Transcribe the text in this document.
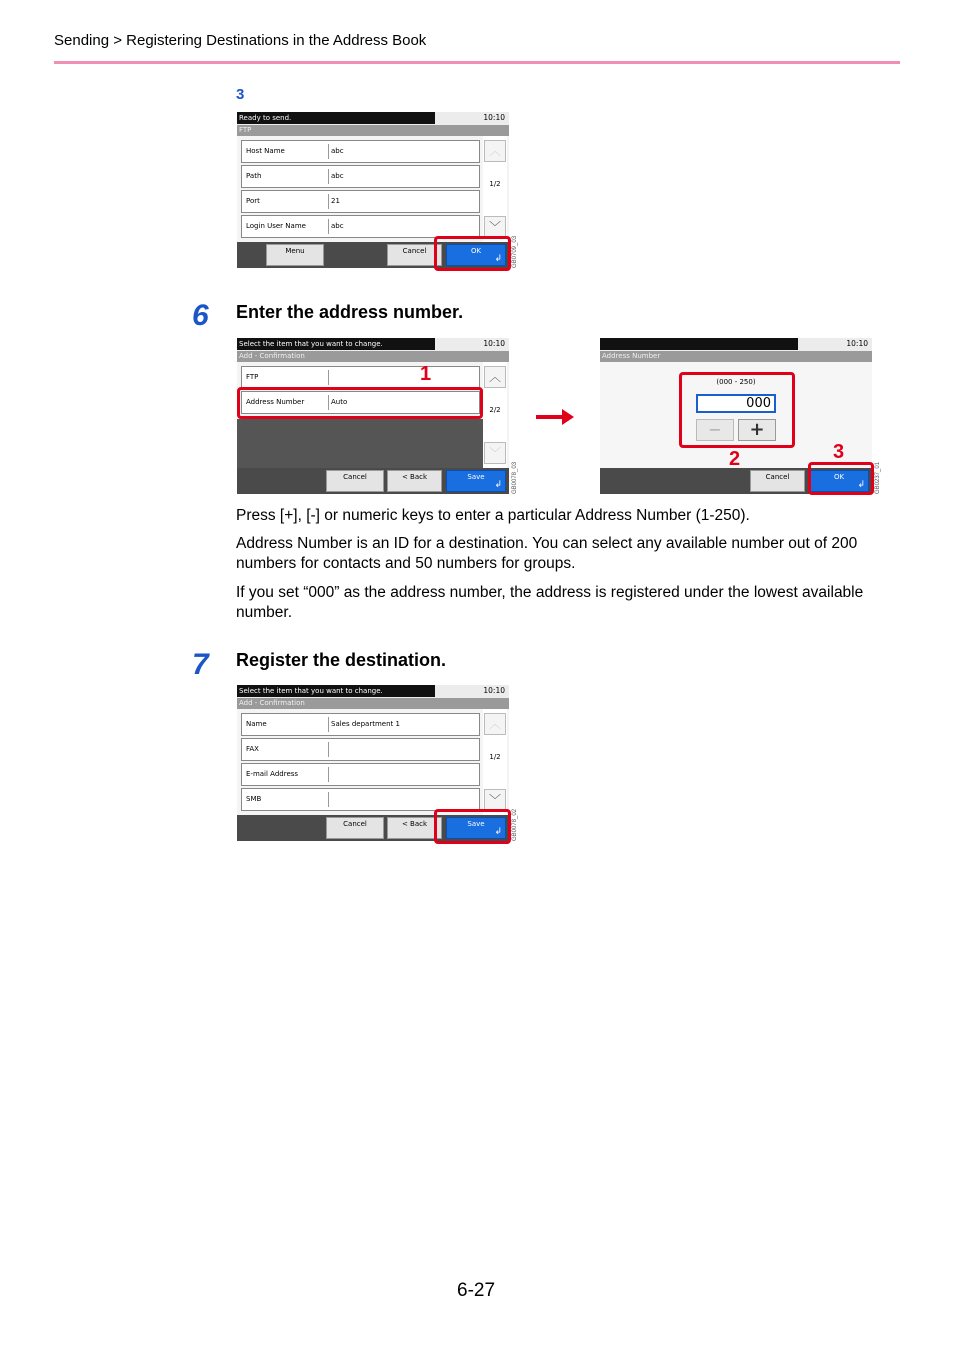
Sending > Registering Destinations in the Address Book
3
Ready to send.	10:10
FTP
Host Name	abc
Path	abc
Port	21
Login User Name	abc
︿
1/2
﹀
Menu	Cancel	OK
↲ GB0709_03
6 Enter the address number.
Select the item that you want to change.	10:10
Add - Confirmation
FTP
Address Number	Auto
︿
2/2
﹀
Cancel	< Back	Save
↲ GB0078_03
1
10:10
Address Number
(000 - 250)
000
−	+
Cancel	OK
↲ GB0237_01
2	3
Press [+], [-] or numeric keys to enter a particular Address Number (1-250).
Address Number is an ID for a destination. You can select any available number out of 200 numbers for contacts and 50 numbers for groups.
If you set “000” as the address number, the address is registered under the lowest available number.
7 Register the destination.
Select the item that you want to change.	10:10
Add - Confirmation
Name	Sales department 1
FAX
E-mail Address
SMB
︿
1/2
﹀
Cancel	< Back	Save
↲ GB0078_02
6-27
